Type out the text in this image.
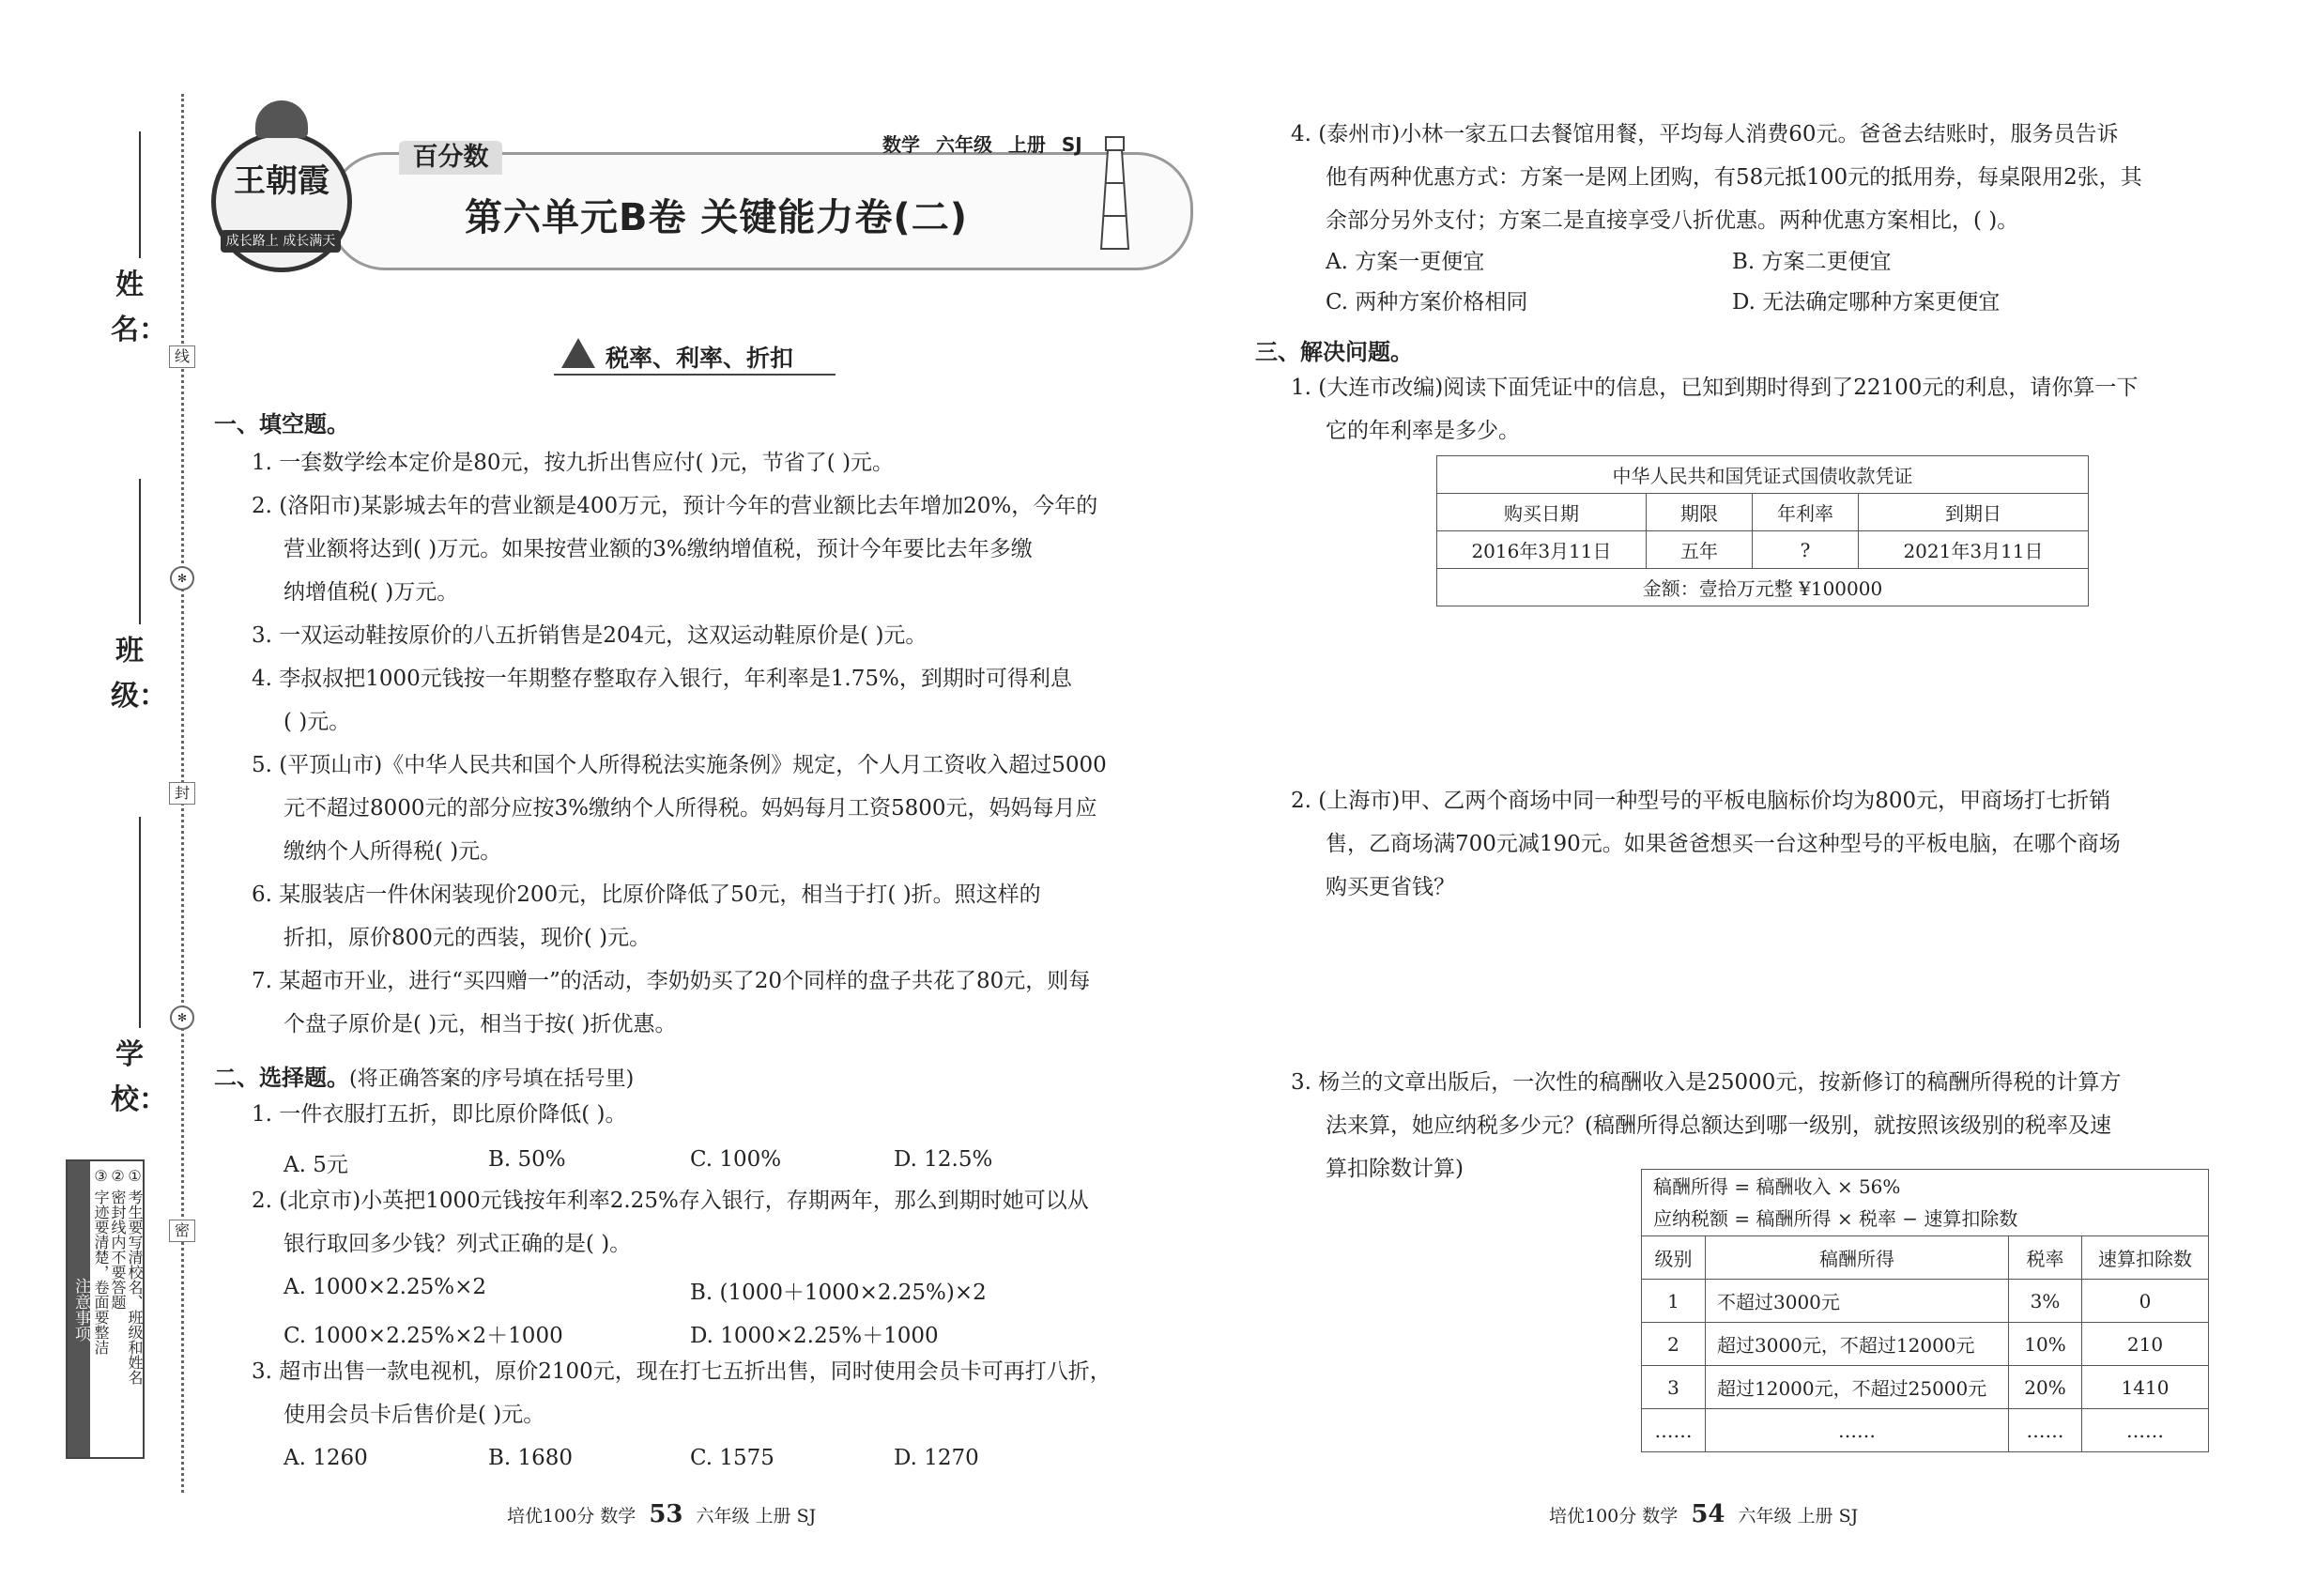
姓 名：
班 级：
学 校：
线
✻
封
✻
密
注意事项 ① 考生要写清校名、班级和姓名
② 密封线内不要答题
③ 字迹要清楚，卷面要整洁
王朝霞
成长路上 成长满天
百分数	数学 六年级 上册 SJ
第六单元B卷 关键能力卷(二)
税率、利率、折扣
一、填空题。
1. 一套数学绘本定价是80元，按九折出售应付( )元，节省了( )元。
2. (洛阳市)某影城去年的营业额是400万元，预计今年的营业额比去年增加20%，今年的
营业额将达到( )万元。如果按营业额的3%缴纳增值税，预计今年要比去年多缴
纳增值税( )万元。
3. 一双运动鞋按原价的八五折销售是204元，这双运动鞋原价是( )元。
4. 李叔叔把1000元钱按一年期整存整取存入银行，年利率是1.75%，到期时可得利息
( )元。
5. (平顶山市)《中华人民共和国个人所得税法实施条例》规定，个人月工资收入超过5000
元不超过8000元的部分应按3%缴纳个人所得税。妈妈每月工资5800元，妈妈每月应
缴纳个人所得税( )元。
6. 某服装店一件休闲装现价200元，比原价降低了50元，相当于打( )折。照这样的
折扣，原价800元的西装，现价( )元。
7. 某超市开业，进行“买四赠一”的活动，李奶奶买了20个同样的盘子共花了80元，则每
个盘子原价是( )元，相当于按( )折优惠。
二、选择题。(将正确答案的序号填在括号里)
1. 一件衣服打五折，即比原价降低( )。
A. 5元	B. 50%	C. 100%	D. 12.5%
2. (北京市)小英把1000元钱按年利率2.25%存入银行，存期两年，那么到期时她可以从
银行取回多少钱？列式正确的是( )。
A. 1000×2.25%×2	B. (1000＋1000×2.25%)×2
C. 1000×2.25%×2＋1000	D. 1000×2.25%＋1000
3. 超市出售一款电视机，原价2100元，现在打七五折出售，同时使用会员卡可再打八折，
使用会员卡后售价是( )元。
A. 1260	B. 1680	C. 1575	D. 1270
培优100分 数学 53 六年级 上册 SJ
4. (泰州市)小林一家五口去餐馆用餐，平均每人消费60元。爸爸去结账时，服务员告诉
他有两种优惠方式：方案一是网上团购，有58元抵100元的抵用券，每桌限用2张，其
余部分另外支付；方案二是直接享受八折优惠。两种优惠方案相比，( )。
A. 方案一更便宜	B. 方案二更便宜
C. 两种方案价格相同	D. 无法确定哪种方案更便宜
三、解决问题。
1. (大连市改编)阅读下面凭证中的信息，已知到期时得到了22100元的利息，请你算一下
它的年利率是多少。
中华人民共和国凭证式国债收款凭证			
购买日期	期限	年利率	到期日
2016年3月11日	五年	?	2021年3月11日
金额：壹拾万元整 ¥100000			
2. (上海市)甲、乙两个商场中同一种型号的平板电脑标价均为800元，甲商场打七折销
售，乙商场满700元减190元。如果爸爸想买一台这种型号的平板电脑，在哪个商场
购买更省钱？
3. 杨兰的文章出版后，一次性的稿酬收入是25000元，按新修订的稿酬所得税的计算方
法来算，她应纳税多少元？(稿酬所得总额达到哪一级别，就按照该级别的税率及速
算扣除数计算)
稿酬所得 = 稿酬收入 × 56%
应纳税额 = 稿酬所得 × 税率 − 速算扣除数			

级别	稿酬所得	税率	速算扣除数
1	不超过3000元	3%	0
2	超过3000元，不超过12000元	10%	210
3	超过12000元，不超过25000元	20%	1410
……	……	……	……
培优100分 数学 54 六年级 上册 SJ
